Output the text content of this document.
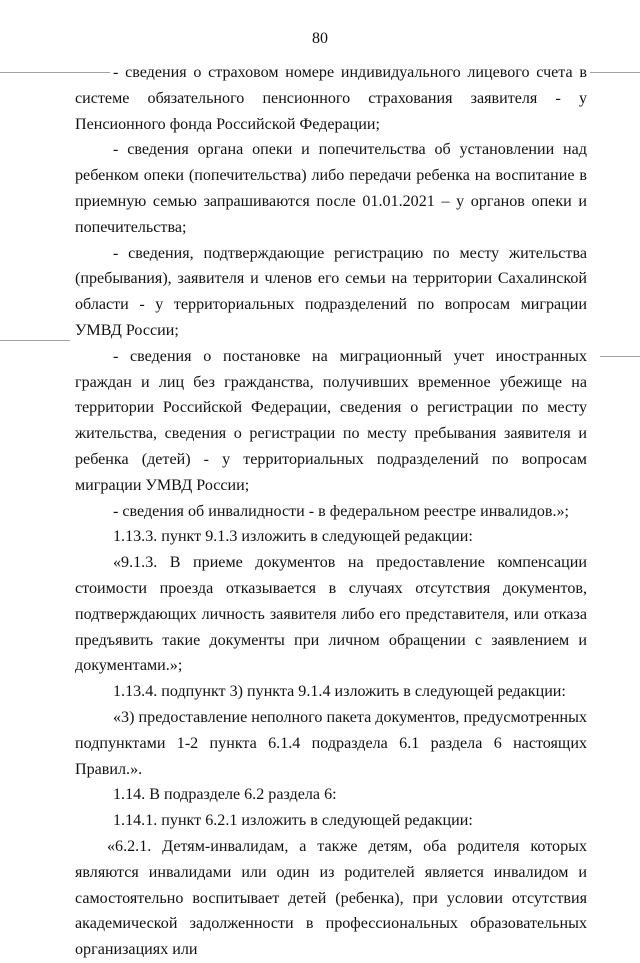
80

- сведения о страховом номере индивидуального лицевого счета в системе обязательного пенсионного страхования заявителя - у Пенсионного фонда Российской Федерации;

- сведения органа опеки и попечительства об установлении над ребенком опеки (попечительства) либо передачи ребенка на воспитание в приемную семью запрашиваются после 01.01.2021 – у органов опеки и попечительства;

- сведения, подтверждающие регистрацию по месту жительства (пребывания), заявителя и членов его семьи на территории Сахалинской области - у территориальных подразделений по вопросам миграции УМВД России;

- сведения о постановке на миграционный учет иностранных граждан и лиц без гражданства, получивших временное убежище на территории Российской Федерации, сведения о регистрации по месту жительства, сведения о регистрации по месту пребывания заявителя и ребенка (детей) - у территориальных подразделений по вопросам миграции УМВД России;

- сведения об инвалидности - в федеральном реестре инвалидов.»;

1.13.3. пункт 9.1.3 изложить в следующей редакции:

«9.1.3. В приеме документов на предоставление компенсации стоимости проезда отказывается в случаях отсутствия документов, подтверждающих личность заявителя либо его представителя, или отказа предъявить такие документы при личном обращении с заявлением и документами.»;

1.13.4. подпункт 3) пункта 9.1.4 изложить в следующей редакции:

«3) предоставление неполного пакета документов, предусмотренных подпунктами 1-2 пункта 6.1.4 подраздела 6.1 раздела 6 настоящих Правил.».

1.14. В подразделе 6.2 раздела 6:

1.14.1. пункт 6.2.1 изложить в следующей редакции:

«6.2.1. Детям-инвалидам, а также детям, оба родителя которых являются инвалидами или один из родителей является инвалидом и самостоятельно воспитывает детей (ребенка), при условии отсутствия академической задолженности в профессиональных образовательных организациях или
